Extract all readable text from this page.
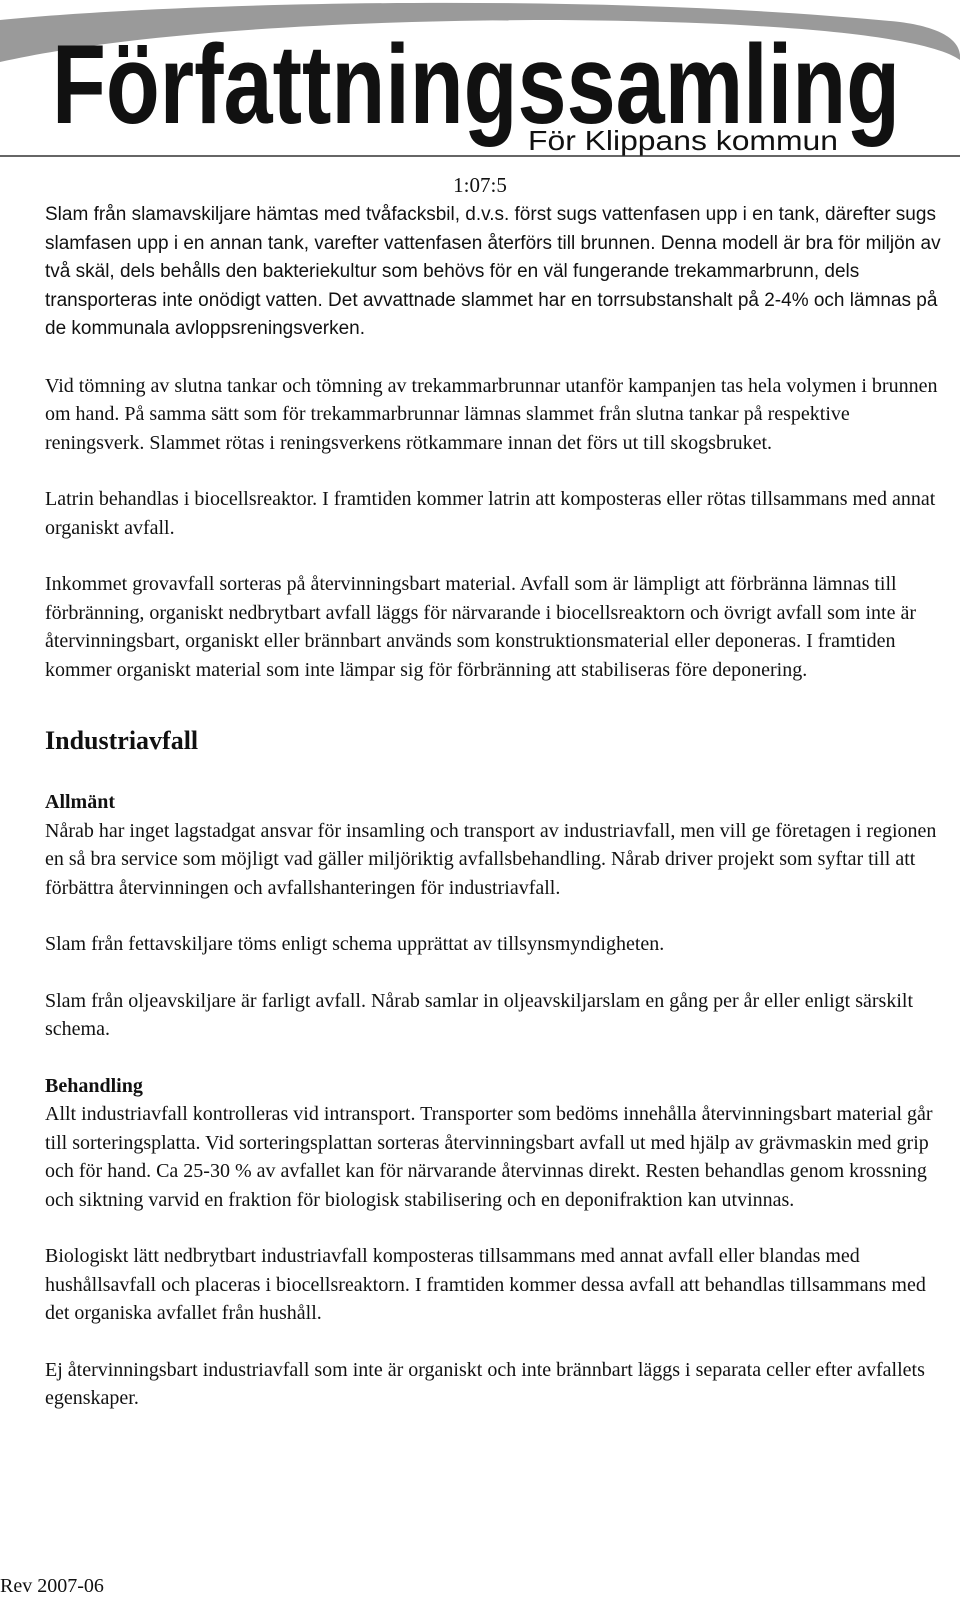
Författningssamling
För Klippans kommun
1:07:5

Slam från slamavskiljare hämtas med tvåfacksbil, d.v.s. först sugs vattenfasen upp i en tank, därefter sugs slamfasen upp i en annan tank, varefter vattenfasen återförs till brunnen. Denna modell är bra för miljön av två skäl, dels behålls den bakteriekultur som behövs för en väl fungerande trekammarbrunn, dels transporteras inte onödigt vatten. Det avvattnade slammet har en torrsubstanshalt på 2-4% och lämnas på de kommunala avloppsreningsverken.

Vid tömning av slutna tankar och tömning av trekammarbrunnar utanför kampanjen tas hela volymen i brunnen om hand. På samma sätt som för trekammarbrunnar lämnas slammet från slutna tankar på respektive reningsverk. Slammet rötas i reningsverkens rötkammare innan det förs ut till skogsbruket.

Latrin behandlas i biocellsreaktor. I framtiden kommer latrin att komposteras eller rötas tillsammans med annat organiskt avfall.

Inkommet grovavfall sorteras på återvinningsbart material. Avfall som är lämpligt att förbränna lämnas till förbränning, organiskt nedbrytbart avfall läggs för närvarande i biocellsreaktorn och övrigt avfall som inte är återvinningsbart, organiskt eller brännbart används som konstruktionsmaterial eller deponeras. I framtiden kommer organiskt material som inte lämpar sig för förbränning att stabiliseras före deponering.

Industriavfall
Allmänt

Nårab har inget lagstadgat ansvar för insamling och transport av industriavfall, men vill ge företagen i regionen en så bra service som möjligt vad gäller miljöriktig avfallsbehandling. Nårab driver projekt som syftar till att förbättra återvinningen och avfallshanteringen för industriavfall.

Slam från fettavskiljare töms enligt schema upprättat av tillsynsmyndigheten.

Slam från oljeavskiljare är farligt avfall. Nårab samlar in oljeavskiljarslam en gång per år eller enligt särskilt schema.

Behandling

Allt industriavfall kontrolleras vid intransport. Transporter som bedöms innehålla återvinningsbart material går till sorteringsplatta. Vid sorteringsplattan sorteras återvinningsbart avfall ut med hjälp av grävmaskin med grip och för hand. Ca 25-30 % av avfallet kan för närvarande återvinnas direkt. Resten behandlas genom krossning och siktning varvid en fraktion för biologisk stabilisering och en deponifraktion kan utvinnas.

Biologiskt lätt nedbrytbart industriavfall komposteras tillsammans med annat avfall eller blandas med hushållsavfall och placeras i biocellsreaktorn. I framtiden kommer dessa avfall att behandlas tillsammans med det organiska avfallet från hushåll.

Ej återvinningsbart industriavfall som inte är organiskt och inte brännbart läggs i separata celler efter avfallets egenskaper.

Rev 2007-06
